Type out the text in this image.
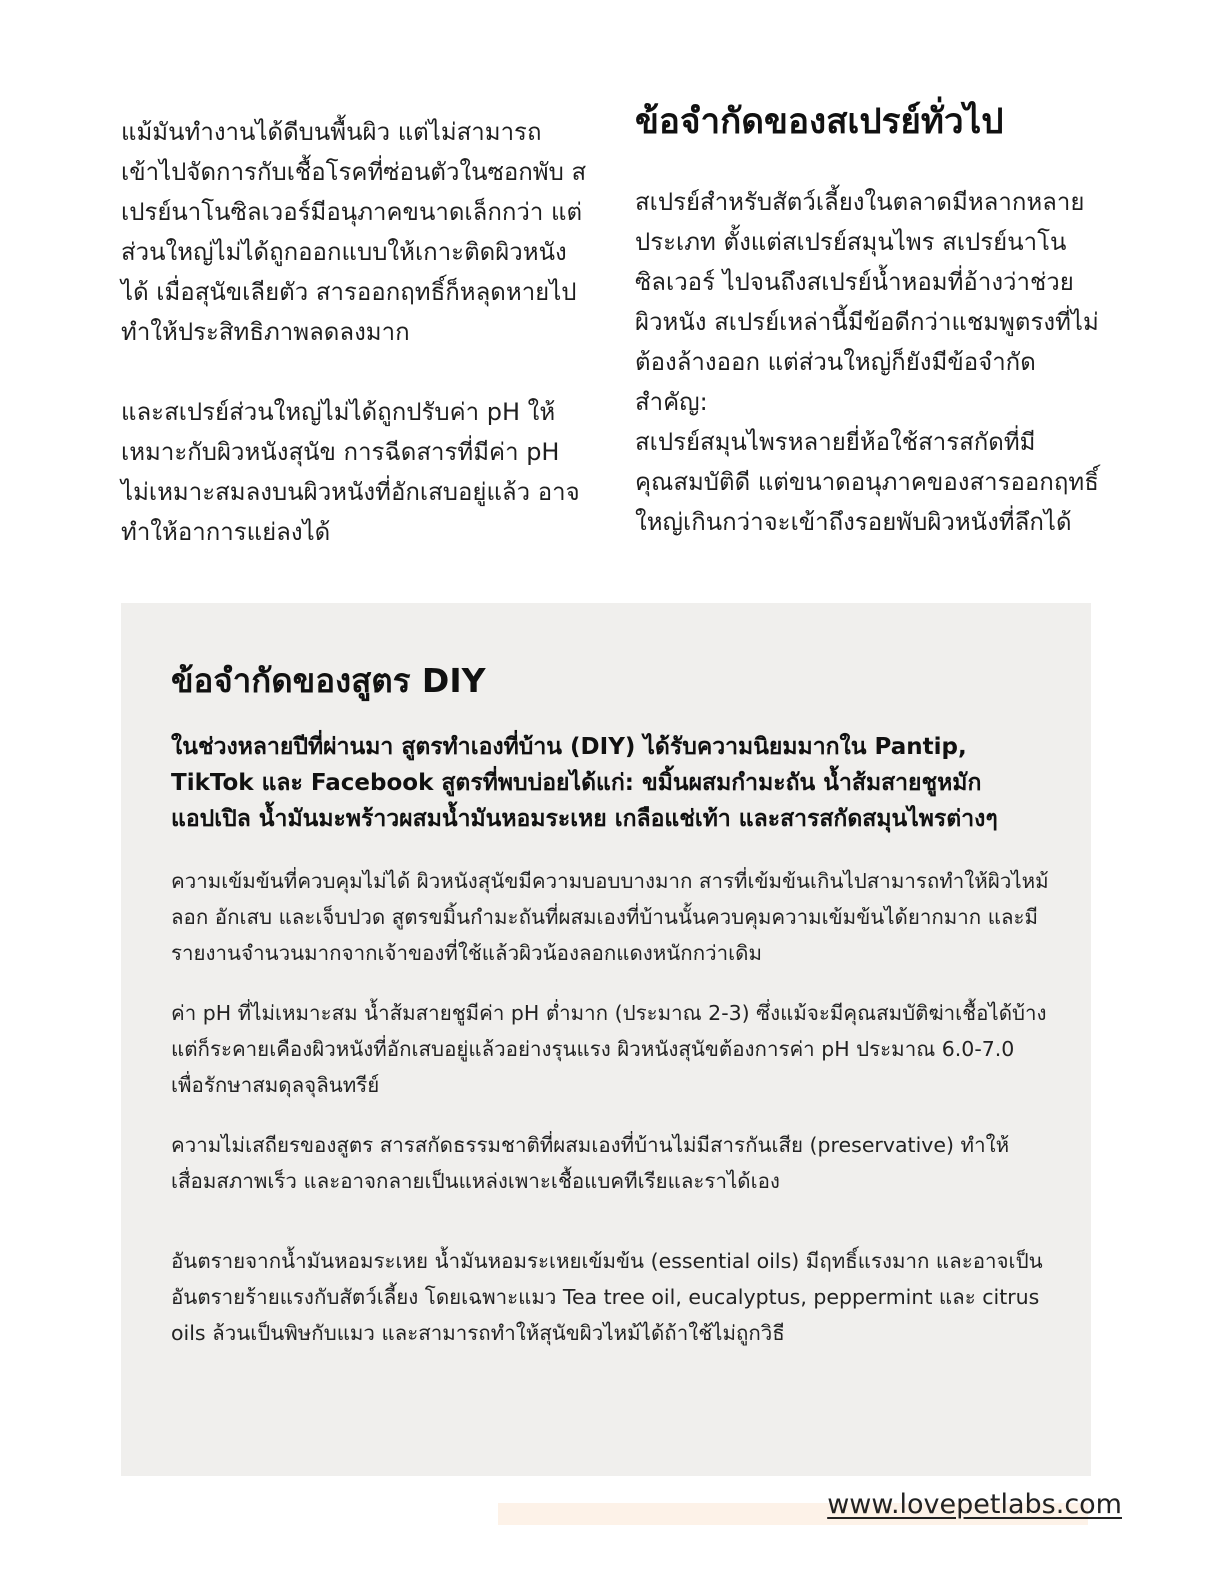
แม้มันทำงานได้ดีบนพื้นผิว แต่ไม่สามารถเข้าไปจัดการกับเชื้อโรคที่ซ่อนตัวในซอกพับ สเปรย์นาโนซิลเวอร์มีอนุภาคขนาดเล็กกว่า แต่ส่วนใหญ่ไม่ได้ถูกออกแบบให้เกาะติดผิวหนังได้ เมื่อสุนัขเลียตัว สารออกฤทธิ์ก็หลุดหายไป ทำให้ประสิทธิภาพลดลงมาก

และสเปรย์ส่วนใหญ่ไม่ได้ถูกปรับค่า pH ให้เหมาะกับผิวหนังสุนัข การฉีดสารที่มีค่า pH ไม่เหมาะสมลงบนผิวหนังที่อักเสบอยู่แล้ว อาจทำให้อาการแย่ลงได้

ข้อจำกัดของสเปรย์ทั่วไป

สเปรย์สำหรับสัตว์เลี้ยงในตลาดมีหลากหลายประเภท ตั้งแต่สเปรย์สมุนไพร สเปรย์นาโนซิลเวอร์ ไปจนถึงสเปรย์น้ำหอมที่อ้างว่าช่วยผิวหนัง สเปรย์เหล่านี้มีข้อดีกว่าแชมพูตรงที่ไม่ต้องล้างออก แต่ส่วนใหญ่ก็ยังมีข้อจำกัดสำคัญ:

สเปรย์สมุนไพรหลายยี่ห้อใช้สารสกัดที่มีคุณสมบัติดี แต่ขนาดอนุภาคของสารออกฤทธิ์ใหญ่เกินกว่าจะเข้าถึงรอยพับผิวหนังที่ลึกได้

ข้อจำกัดของสูตร DIY

ในช่วงหลายปีที่ผ่านมา สูตรทำเองที่บ้าน (DIY) ได้รับความนิยมมากใน Pantip, TikTok และ Facebook สูตรที่พบบ่อยได้แก่: ขมิ้นผสมกำมะถัน น้ำส้มสายชูหมักแอปเปิล น้ำมันมะพร้าวผสมน้ำมันหอมระเหย เกลือแช่เท้า และสารสกัดสมุนไพรต่างๆ

ความเข้มข้นที่ควบคุมไม่ได้ ผิวหนังสุนัขมีความบอบบางมาก สารที่เข้มข้นเกินไปสามารถทำให้ผิวไหม้ ลอก อักเสบ และเจ็บปวด สูตรขมิ้นกำมะถันที่ผสมเองที่บ้านนั้นควบคุมความเข้มข้นได้ยากมาก และมีรายงานจำนวนมากจากเจ้าของที่ใช้แล้วผิวน้องลอกแดงหนักกว่าเดิม

ค่า pH ที่ไม่เหมาะสม น้ำส้มสายชูมีค่า pH ต่ำมาก (ประมาณ 2-3) ซึ่งแม้จะมีคุณสมบัติฆ่าเชื้อได้บ้าง แต่ก็ระคายเคืองผิวหนังที่อักเสบอยู่แล้วอย่างรุนแรง ผิวหนังสุนัขต้องการค่า pH ประมาณ 6.0-7.0 เพื่อรักษาสมดุลจุลินทรีย์

ความไม่เสถียรของสูตร สารสกัดธรรมชาติที่ผสมเองที่บ้านไม่มีสารกันเสีย (preservative) ทำให้เสื่อมสภาพเร็ว และอาจกลายเป็นแหล่งเพาะเชื้อแบคทีเรียและราได้เอง

อันตรายจากน้ำมันหอมระเหย น้ำมันหอมระเหยเข้มข้น (essential oils) มีฤทธิ์แรงมาก และอาจเป็นอันตรายร้ายแรงกับสัตว์เลี้ยง โดยเฉพาะแมว Tea tree oil, eucalyptus, peppermint และ citrus oils ล้วนเป็นพิษกับแมว และสามารถทำให้สุนัขผิวไหม้ได้ถ้าใช้ไม่ถูกวิธี

www.lovepetlabs.com
